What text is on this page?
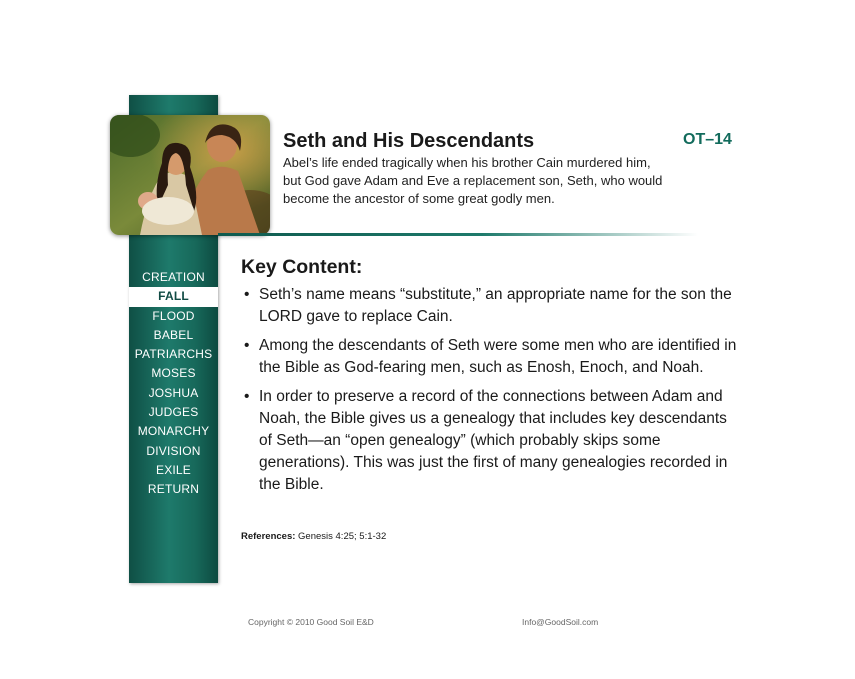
CREATION
FALL
FLOOD
BABEL
PATRIARCHS
MOSES
JOSHUA
JUDGES
MONARCHY
DIVISION
EXILE
RETURN
Seth and His Descendants	OT–14

Abel’s life ended tragically when his brother Cain murdered him, but God gave Adam and Eve a replacement son, Seth, who would become the ancestor of some great godly men.

Key Content:
• Seth’s name means “substitute,” an appropriate name for the son the LORD gave to replace Cain.
• Among the descendants of Seth were some men who are identified in the Bible as God-fearing men, such as Enosh, Enoch, and Noah.
• In order to preserve a record of the connections between Adam and Noah, the Bible gives us a genealogy that includes key descendants of Seth—an “open genealogy” (which probably skips some generations). This was just the first of many genealogies recorded in the Bible.
References: Genesis 4:25; 5:1-32
Copyright © 2010 Good Soil E&D	Info@GoodSoil.com
